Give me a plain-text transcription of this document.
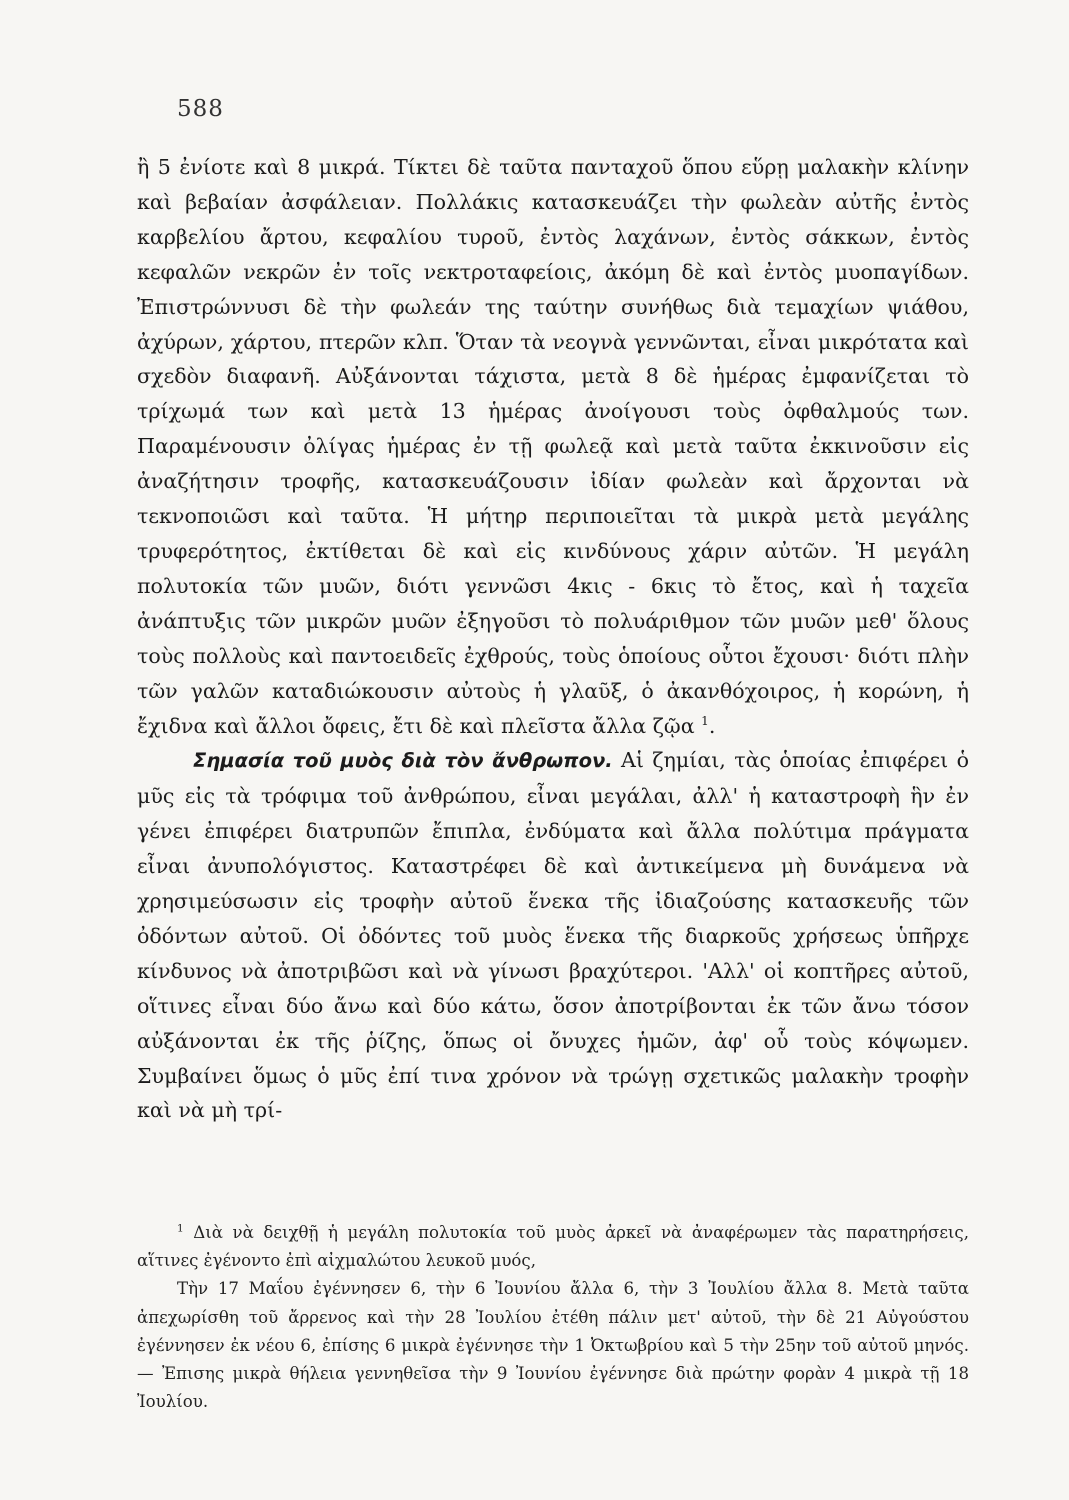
588

ἢ 5 ἐνίοτε καὶ 8 μικρά. Τίκτει δὲ ταῦτα πανταχοῦ ὅπου εὕρῃ μαλακὴν κλίνην καὶ βεβαίαν ἀσφάλειαν. Πολλάκις κατασκευάζει τὴν φωλεὰν αὐτῆς ἐντὸς καρβελίου ἄρτου, κεφαλίου τυροῦ, ἐντὸς λαχάνων, ἐντὸς σάκκων, ἐντὸς κεφαλῶν νεκρῶν ἐν τοῖς νεκτροταφείοις, ἀκόμη δὲ καὶ ἐντὸς μυοπαγίδων. Ἐπιστρώννυσι δὲ τὴν φωλεάν της ταύτην συνήθως διὰ τεμαχίων ψιάθου, ἀχύρων, χάρτου, πτερῶν κλπ. Ὅταν τὰ νεογνὰ γεννῶνται, εἶναι μικρότατα καὶ σχεδὸν διαφανῆ. Αὐξάνονται τάχιστα, μετὰ 8 δὲ ἡμέρας ἐμφανίζεται τὸ τρίχωμά των καὶ μετὰ 13 ἡμέρας ἀνοίγουσι τοὺς ὀφθαλμούς των. Παραμένουσιν ὀλίγας ἡμέρας ἐν τῇ φωλεᾷ καὶ μετὰ ταῦτα ἐκκινοῦσιν εἰς ἀναζήτησιν τροφῆς, κατασκευάζουσιν ἰδίαν φωλεὰν καὶ ἄρχονται νὰ τεκνοποιῶσι καὶ ταῦτα. Ἡ μήτηρ περιποιεῖται τὰ μικρὰ μετὰ μεγάλης τρυφερότητος, ἐκτίθεται δὲ καὶ εἰς κινδύνους χάριν αὐτῶν. Ἡ μεγάλη πολυτοκία τῶν μυῶν, διότι γεννῶσι 4κις - 6κις τὸ ἔτος, καὶ ἡ ταχεῖα ἀνάπτυξις τῶν μικρῶν μυῶν ἐξηγοῦσι τὸ πολυάριθμον τῶν μυῶν μεθ' ὅλους τοὺς πολλοὺς καὶ παντοειδεῖς ἐχθρούς, τοὺς ὁποίους οὗτοι ἔχουσι· διότι πλὴν τῶν γαλῶν καταδιώκουσιν αὐτοὺς ἡ γλαῦξ, ὁ ἀκανθόχοιρος, ἡ κορώνη, ἡ ἔχιδνα καὶ ἄλλοι ὄφεις, ἔτι δὲ καὶ πλεῖστα ἄλλα ζῷα $^1$.

Σημασία τοῦ μυὸς διὰ τὸν ἄνθρωπον. Αἱ ζημίαι, τὰς ὁποίας ἐπιφέρει ὁ μῦς εἰς τὰ τρόφιμα τοῦ ἀνθρώπου, εἶναι μεγάλαι, ἀλλ' ἡ καταστροφὴ ἣν ἐν γένει ἐπιφέρει διατρυπῶν ἔπιπλα, ἐνδύματα καὶ ἄλλα πολύτιμα πράγματα εἶναι ἀνυπολόγιστος. Καταστρέφει δὲ καὶ ἀντικείμενα μὴ δυνάμενα νὰ χρησιμεύσωσιν εἰς τροφὴν αὐτοῦ ἕνεκα τῆς ἰδιαζούσης κατασκευῆς τῶν ὀδόντων αὐτοῦ. Οἱ ὀδόντες τοῦ μυὸς ἕνεκα τῆς διαρκοῦς χρήσεως ὑπῆρχε κίνδυνος νὰ ἀποτριβῶσι καὶ νὰ γίνωσι βραχύτεροι. 'Αλλ' οἱ κοπτῆρες αὐτοῦ, οἵτινες εἶναι δύο ἄνω καὶ δύο κάτω, ὅσον ἀποτρίβονται ἐκ τῶν ἄνω τόσον αὐξάνονται ἐκ τῆς ῥίζης, ὅπως οἱ ὄνυχες ἡμῶν, ἀφ' οὗ τοὺς κόψωμεν. Συμβαίνει ὅμως ὁ μῦς ἐπί τινα χρόνον νὰ τρώγῃ σχετικῶς μαλακὴν τροφὴν καὶ νὰ μὴ τρί-

$^1$ Διὰ νὰ δειχθῇ ἡ μεγάλη πολυτοκία τοῦ μυὸς ἀρκεῖ νὰ ἀναφέρωμεν τὰς παρατηρήσεις, αἵτινες ἐγένοντο ἐπὶ αἰχμαλώτου λευκοῦ μυός,

Τὴν 17 Μαΐου ἐγέννησεν 6, τὴν 6 Ἰουνίου ἄλλα 6, τὴν 3 Ἰουλίου ἄλλα 8. Μετὰ ταῦτα ἀπεχωρίσθη τοῦ ἄρρενος καὶ τὴν 28 Ἰουλίου ἐτέθη πάλιν μετ' αὐτοῦ, τὴν δὲ 21 Αὐγούστου ἐγέννησεν ἐκ νέου 6, ἐπίσης 6 μικρὰ ἐγέννησε τὴν 1 Ὀκτωβρίου καὶ 5 τὴν 25ην τοῦ αὐτοῦ μηνός.— Ἐπισης μικρὰ θήλεια γεννηθεῖσα τὴν 9 Ἰουνίου ἐγέννησε διὰ πρώτην φορὰν 4 μικρὰ τῇ 18 Ἰουλίου.
